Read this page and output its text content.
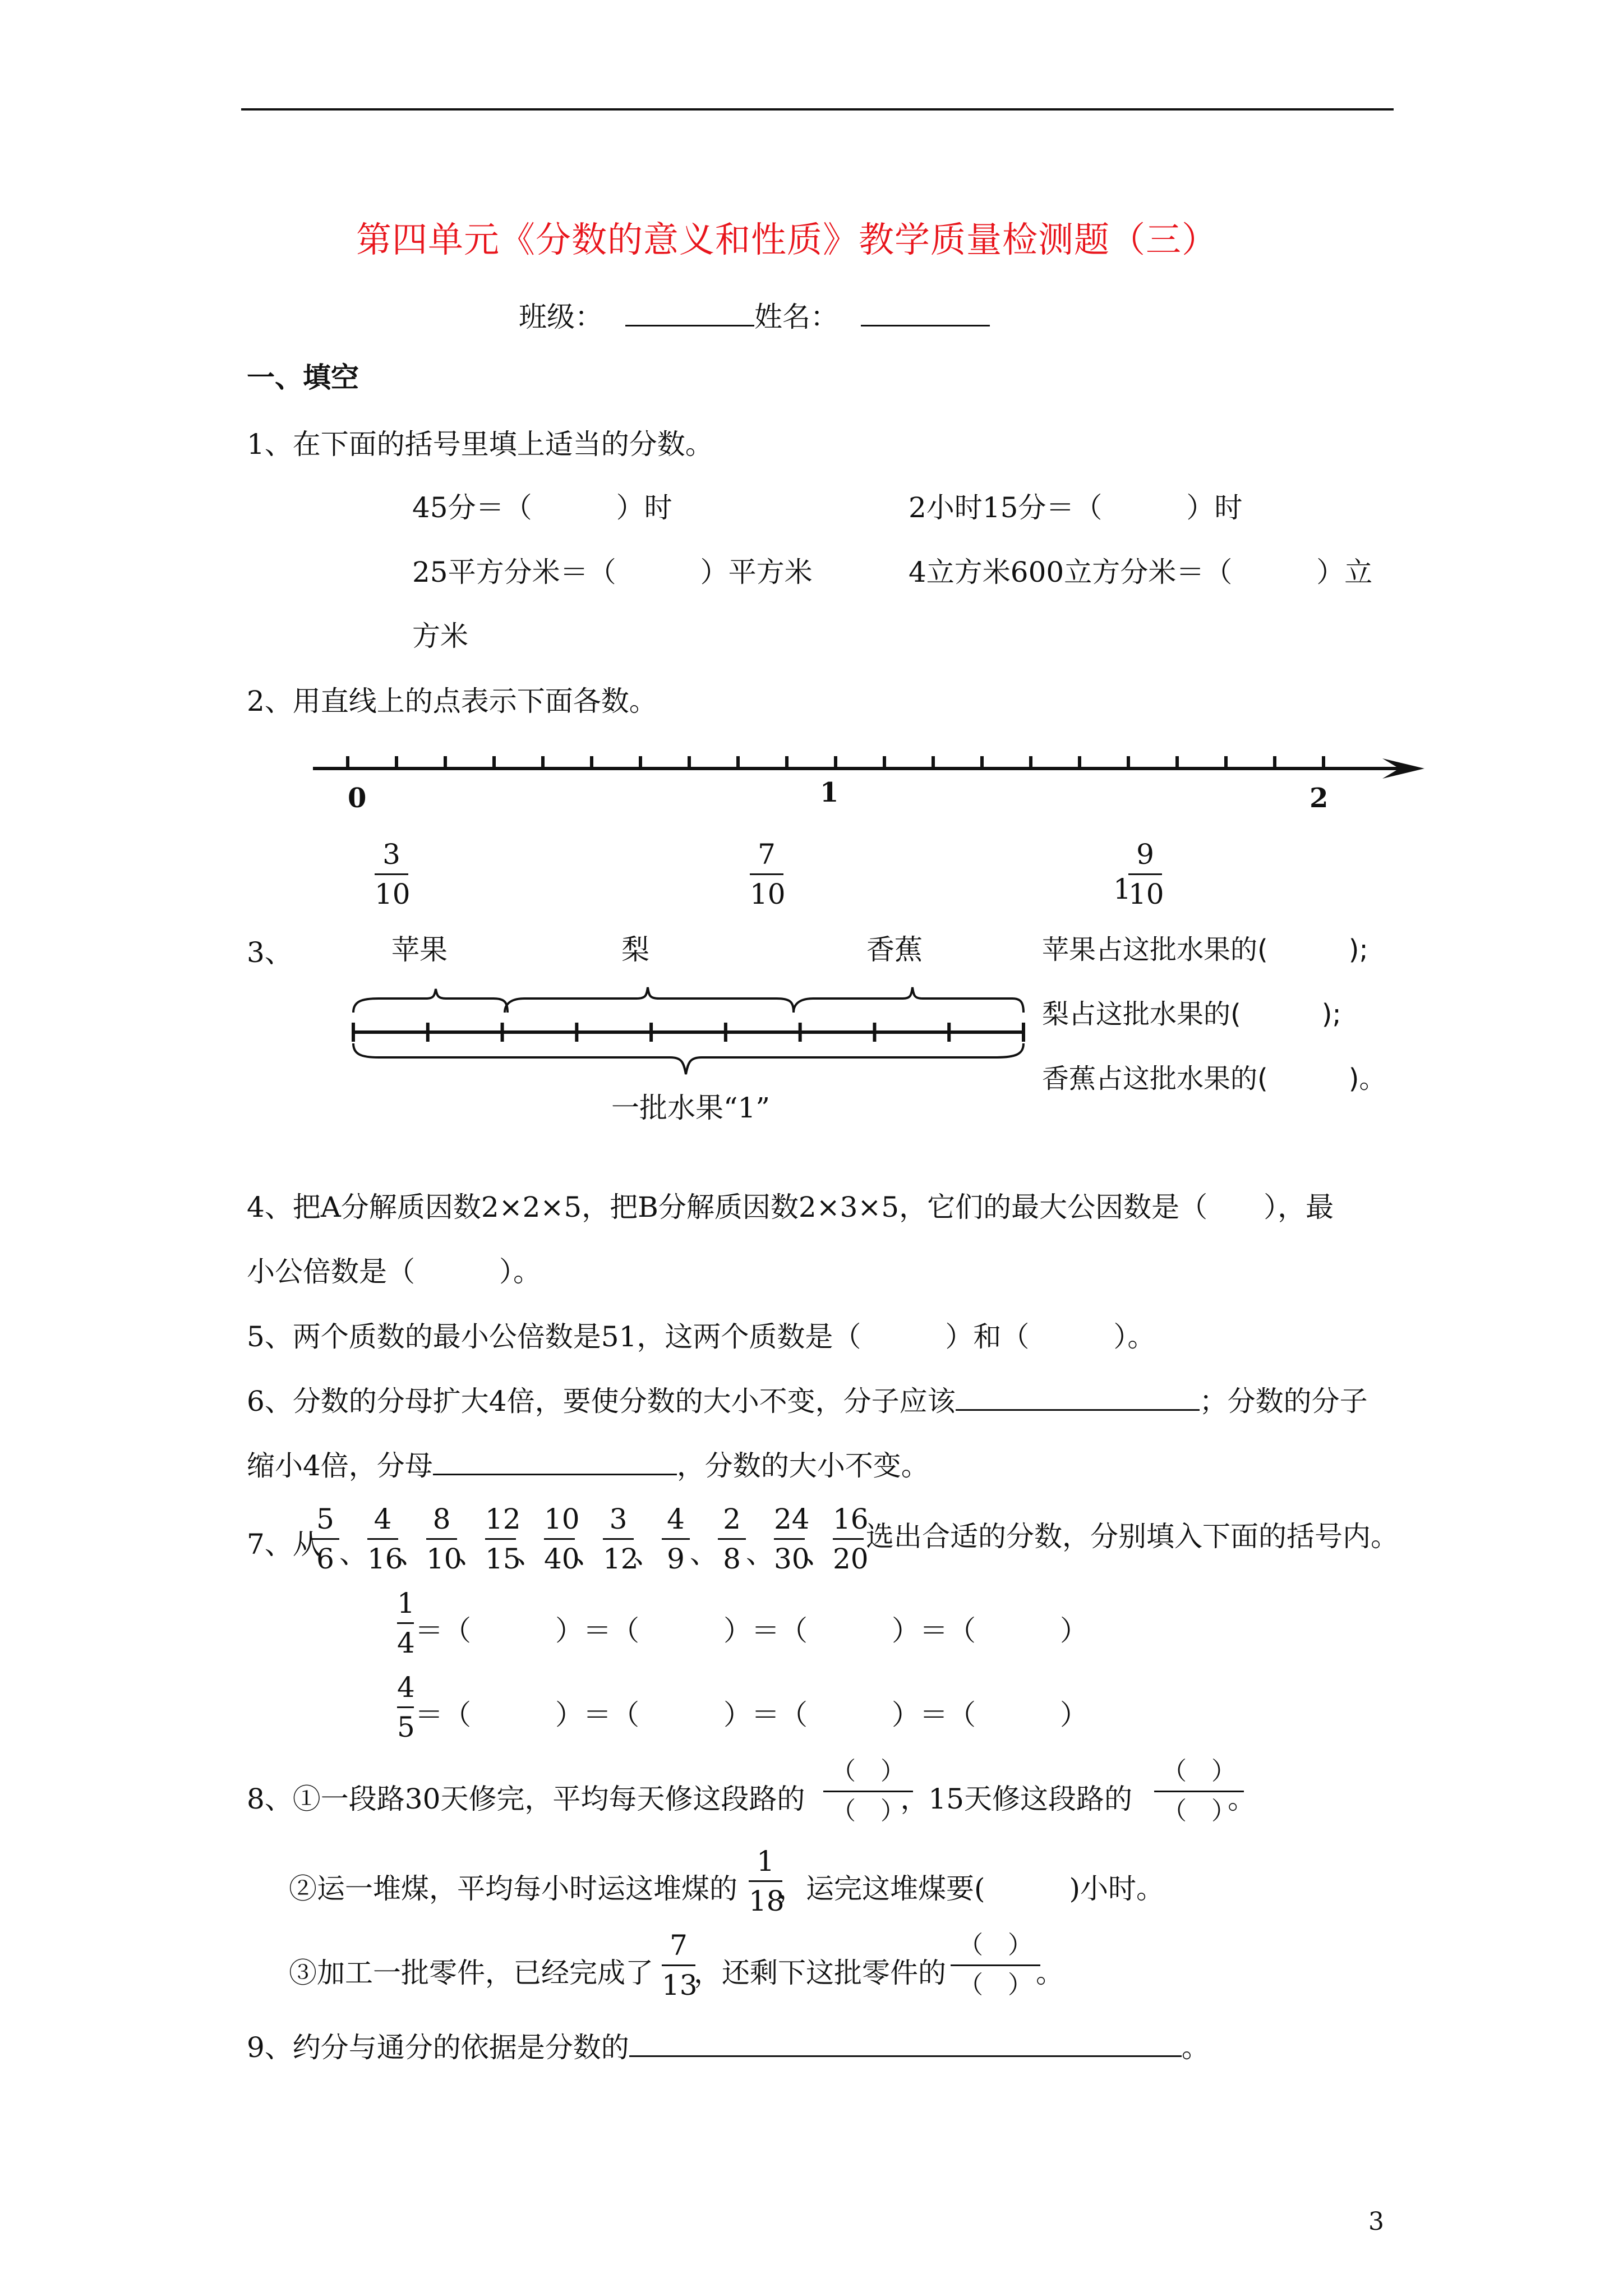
第四单元《分数的意义和性质》教学质量检测题（三）
班级：	姓名：
一、填空
1、在下面的括号里填上适当的分数。
45分＝（　　　）时	2小时15分＝（　　　）时
25平方分米＝（　　　）平方米	4立方米600立方分米＝（　　　）立
方米
2、用直线上的点表示下面各数。
0	1	2
3
10
7
10	1
9
10
3、	苹果	梨	香蕉
一批水果“1”
苹果占这批水果的(　　　);
梨占这批水果的(　　　);
香蕉占这批水果的(　　　)。
4、把A分解质因数2×2×5，把B分解质因数2×3×5，它们的最大公因数是（　　），最
小公倍数是（　　　）。
5、两个质数的最小公倍数是51，这两个质数是（　　　）和（　　　）。
6、分数的分母扩大4倍，要使分数的大小不变，分子应该	；分数的分子
缩小4倍，分母	，分数的大小不变。
7、从
5
6 、
4
16
、
8
10
、
12
15
、
10
40
、
3
12
、
4
9 、
2
8 、
24
30
、
16
20
选出合适的分数，分别填入下面的括号内。
1
4 ＝（　　　）＝（　　　）＝（　　　）＝（　　　）
4
5 ＝（　　　）＝（　　　）＝（　　　）＝（　　　）
8、①一段路30天修完，平均每天修这段路的	，15天修这段路的	。
（　）
（　）
（　）
（　）
②运一堆煤，平均每小时运这堆煤的 ，运完这堆煤要(　　　)小时。
1
18
③加工一批零件，已经完成了 ，还剩下这批零件的	。
7
13
（　）
（　）
9、约分与通分的依据是分数的	。
3
